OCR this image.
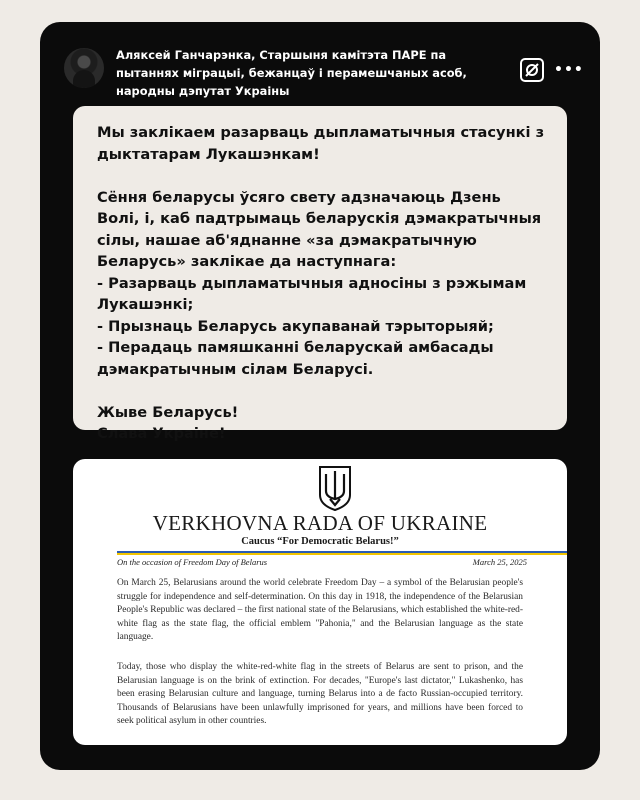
Аляксей Ганчарэнка, Старшыня камітэта ПАРЕ па пытаннях міграцыі, бежанцаў і перамешчаных асоб, народны дэпутат Украіны
•••
Мы заклікаем разарваць дыпламатычныя стасункі з дыктатарам Лукашэнкам!

Сёння беларусы ўсяго свету адзначаюць Дзень Волі, і, каб падтрымаць беларускія дэмакратычныя сілы, нашае аб'яднанне «за дэмакратычную Беларусь» заклікае да наступнага:
- Разарваць дыпламатычныя адносіны з рэжымам Лукашэнкі;
- Прызнаць Беларусь акупаванай тэрыторыяй;
- Перадаць памяшканні беларускай амбасады дэмакратычным сілам Беларусі.

Жыве Беларусь!
Слава Украіне!
VERKHOVNA RADA OF UKRAINE
Caucus “For Democratic Belarus!”
On the occasion of Freedom Day of Belarus	March 25, 2025
On March 25, Belarusians around the world celebrate Freedom Day – a symbol of the Belarusian people's struggle for independence and self-determination. On this day in 1918, the independence of the Belarusian People's Republic was declared – the first national state of the Belarusians, which established the white-red-white flag as the state flag, the official emblem "Pahonia," and the Belarusian language as the state language.
Today, those who display the white-red-white flag in the streets of Belarus are sent to prison, and the Belarusian language is on the brink of extinction. For decades, "Europe's last dictator," Lukashenko, has been erasing Belarusian culture and language, turning Belarus into a de facto Russian-occupied territory. Thousands of Belarusians have been unlawfully imprisoned for years, and millions have been forced to seek political asylum in other countries.
